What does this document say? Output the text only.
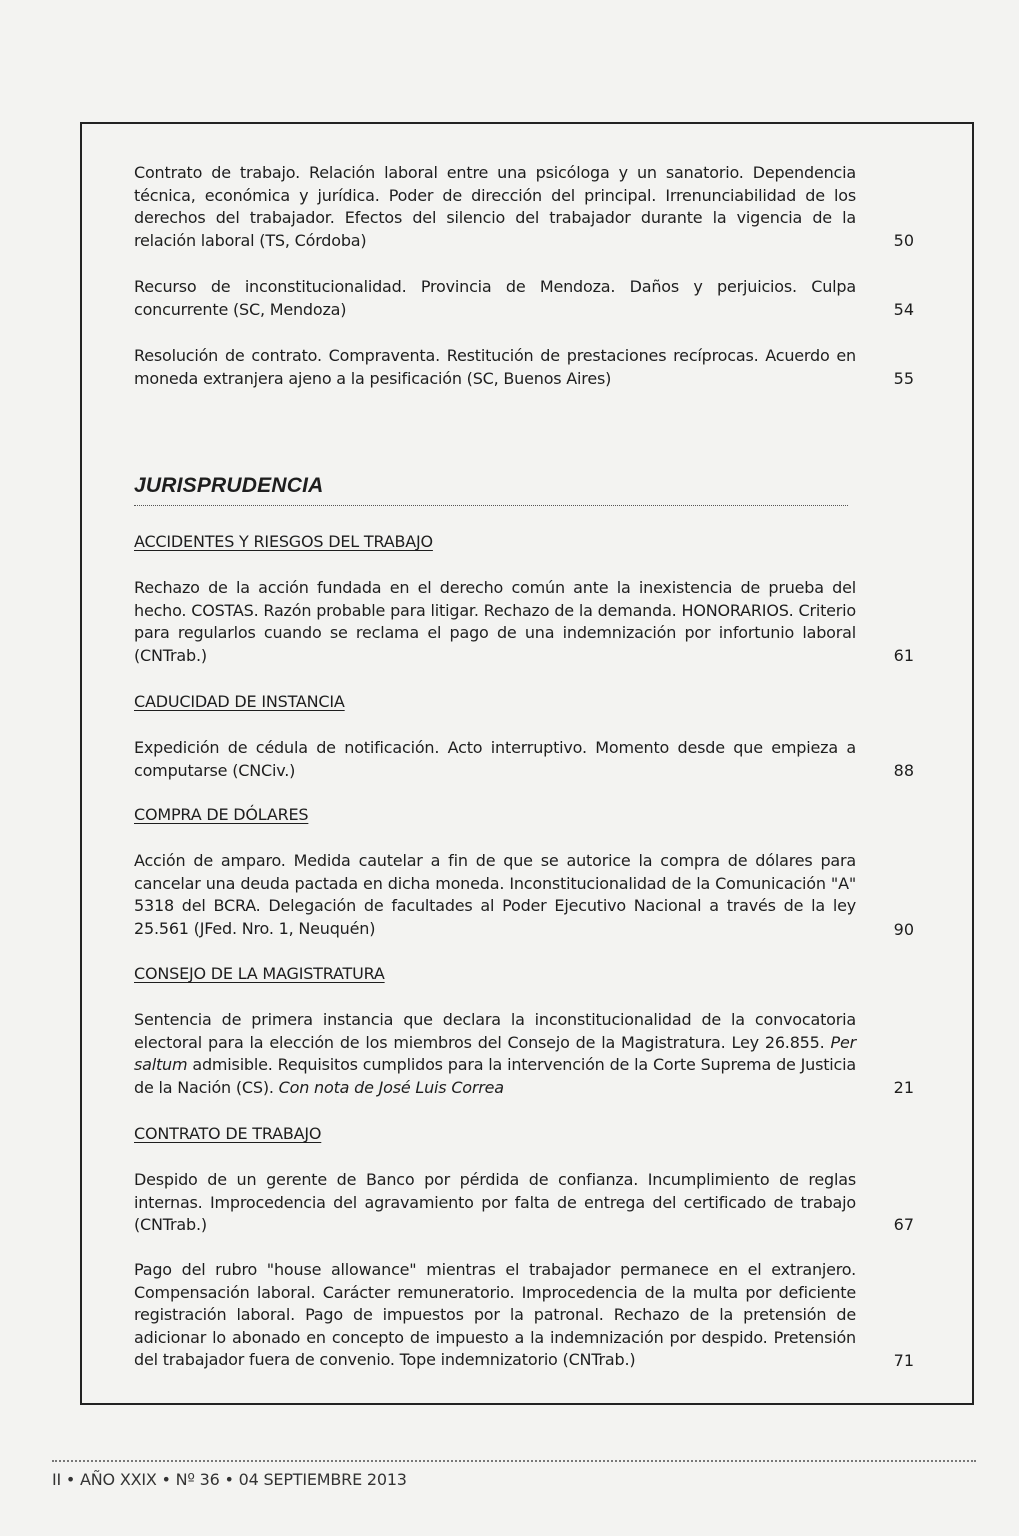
Contrato de trabajo. Relación laboral entre una psicóloga y un sanatorio. Dependencia técnica, económica y jurídica. Poder de dirección del principal. Irrenunciabilidad de los derechos del trabajador. Efectos del silencio del trabajador durante la vigencia de la relación laboral (TS, Córdoba)	50
Recurso de inconstitucionalidad. Provincia de Mendoza. Daños y perjuicios. Culpa concurrente (SC, Mendoza)	54
Resolución de contrato. Compraventa. Restitución de prestaciones recíprocas. Acuerdo en moneda extranjera ajeno a la pesificación (SC, Buenos Aires)	55
JURISPRUDENCIA
ACCIDENTES Y RIESGOS DEL TRABAJO
Rechazo de la acción fundada en el derecho común ante la inexistencia de prueba del hecho. COSTAS. Razón probable para litigar. Rechazo de la demanda. HONORARIOS. Criterio para regularlos cuando se reclama el pago de una indemnización por infortunio laboral (CNTrab.)	61
CADUCIDAD DE INSTANCIA
Expedición de cédula de notificación. Acto interruptivo. Momento desde que empieza a computarse (CNCiv.)	88
COMPRA DE DÓLARES
Acción de amparo. Medida cautelar a fin de que se autorice la compra de dólares para cancelar una deuda pactada en dicha moneda. Inconstitucionalidad de la Comunicación "A" 5318 del BCRA. Delegación de facultades al Poder Ejecutivo Nacional a través de la ley 25.561 (JFed. Nro. 1, Neuquén)	90
CONSEJO DE LA MAGISTRATURA
Sentencia de primera instancia que declara la inconstitucionalidad de la convocatoria electoral para la elección de los miembros del Consejo de la Magistratura. Ley 26.855. Per saltum admisible. Requisitos cumplidos para la intervención de la Corte Suprema de Justicia de la Nación (CS). Con nota de José Luis Correa	21
CONTRATO DE TRABAJO
Despido de un gerente de Banco por pérdida de confianza. Incumplimiento de reglas internas. Improcedencia del agravamiento por falta de entrega del certificado de trabajo (CNTrab.)	67
Pago del rubro "house allowance" mientras el trabajador permanece en el extranjero. Compensación laboral. Carácter remuneratorio. Improcedencia de la multa por deficiente registración laboral. Pago de impuestos por la patronal. Rechazo de la pretensión de adicionar lo abonado en concepto de impuesto a la indemnización por despido. Pretensión del trabajador fuera de convenio. Tope indemnizatorio (CNTrab.)	71
II • AÑO XXIX • Nº 36 • 04 SEPTIEMBRE 2013
